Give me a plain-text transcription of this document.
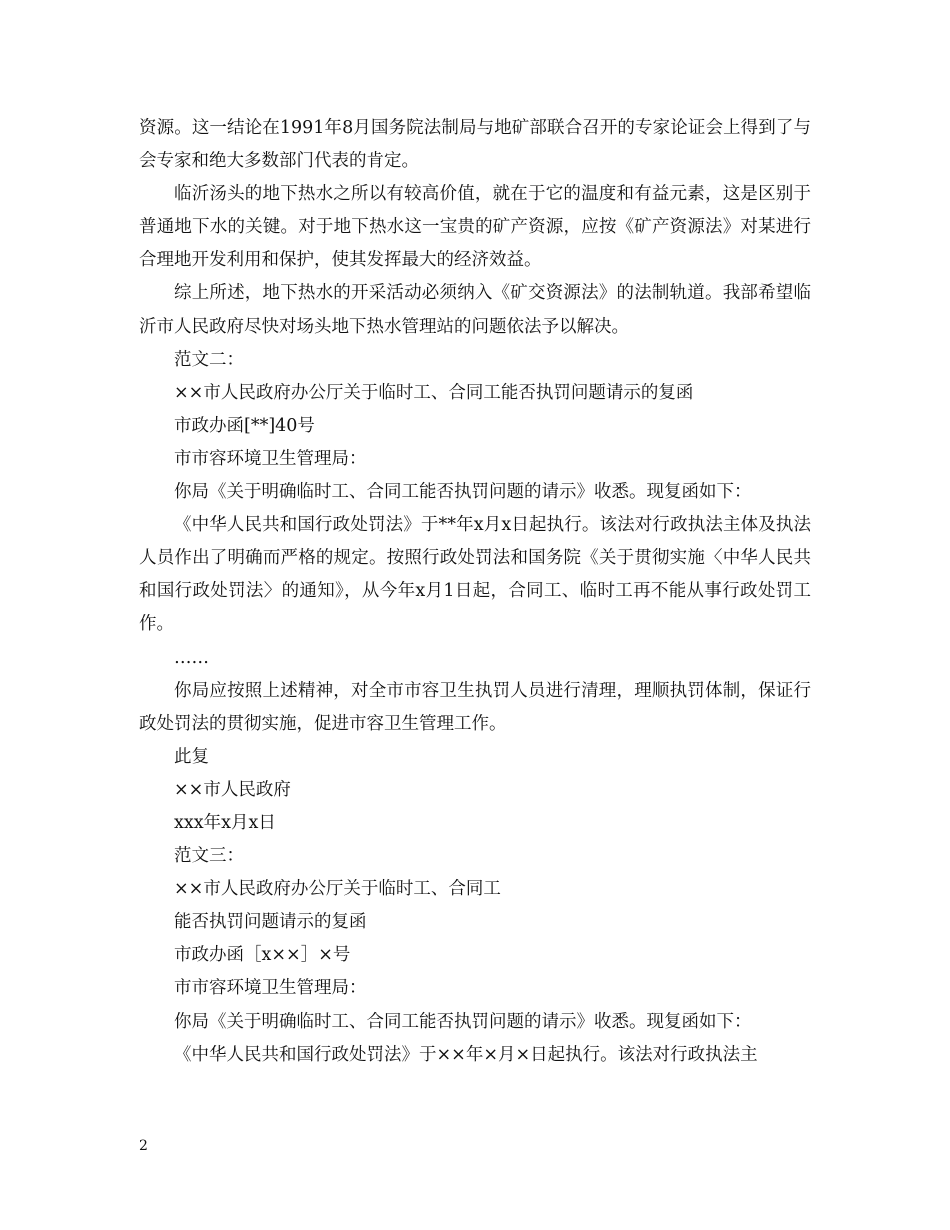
资源。这一结论在1991年8月国务院法制局与地矿部联合召开的专家论证会上得到了与会专家和绝大多数部门代表的肯定。

临沂汤头的地下热水之所以有较高价值，就在于它的温度和有益元素，这是区别于普通地下水的关键。对于地下热水这一宝贵的矿产资源，应按《矿产资源法》对某进行合理地开发利用和保护，使其发挥最大的经济效益。

综上所述，地下热水的开采活动必须纳入《矿交资源法》的法制轨道。我部希望临沂市人民政府尽快对场头地下热水管理站的问题依法予以解决。

范文二：

××市人民政府办公厅关于临时工、合同工能否执罚问题请示的复函

市政办函[**]40号

市市容环境卫生管理局：

你局《关于明确临时工、合同工能否执罚问题的请示》收悉。现复函如下：

《中华人民共和国行政处罚法》于**年x月x日起执行。该法对行政执法主体及执法人员作出了明确而严格的规定。按照行政处罚法和国务院《关于贯彻实施〈中华人民共和国行政处罚法〉的通知》，从今年x月1日起，合同工、临时工再不能从事行政处罚工作。

……

你局应按照上述精神，对全市市容卫生执罚人员进行清理，理顺执罚体制，保证行政处罚法的贯彻实施，促进市容卫生管理工作。

此复

××市人民政府

xxx年x月x日

范文三：

××市人民政府办公厅关于临时工、合同工

能否执罚问题请示的复函

市政办函［x××］×号

市市容环境卫生管理局：

你局《关于明确临时工、合同工能否执罚问题的请示》收悉。现复函如下：

《中华人民共和国行政处罚法》于××年×月×日起执行。该法对行政执法主

2
